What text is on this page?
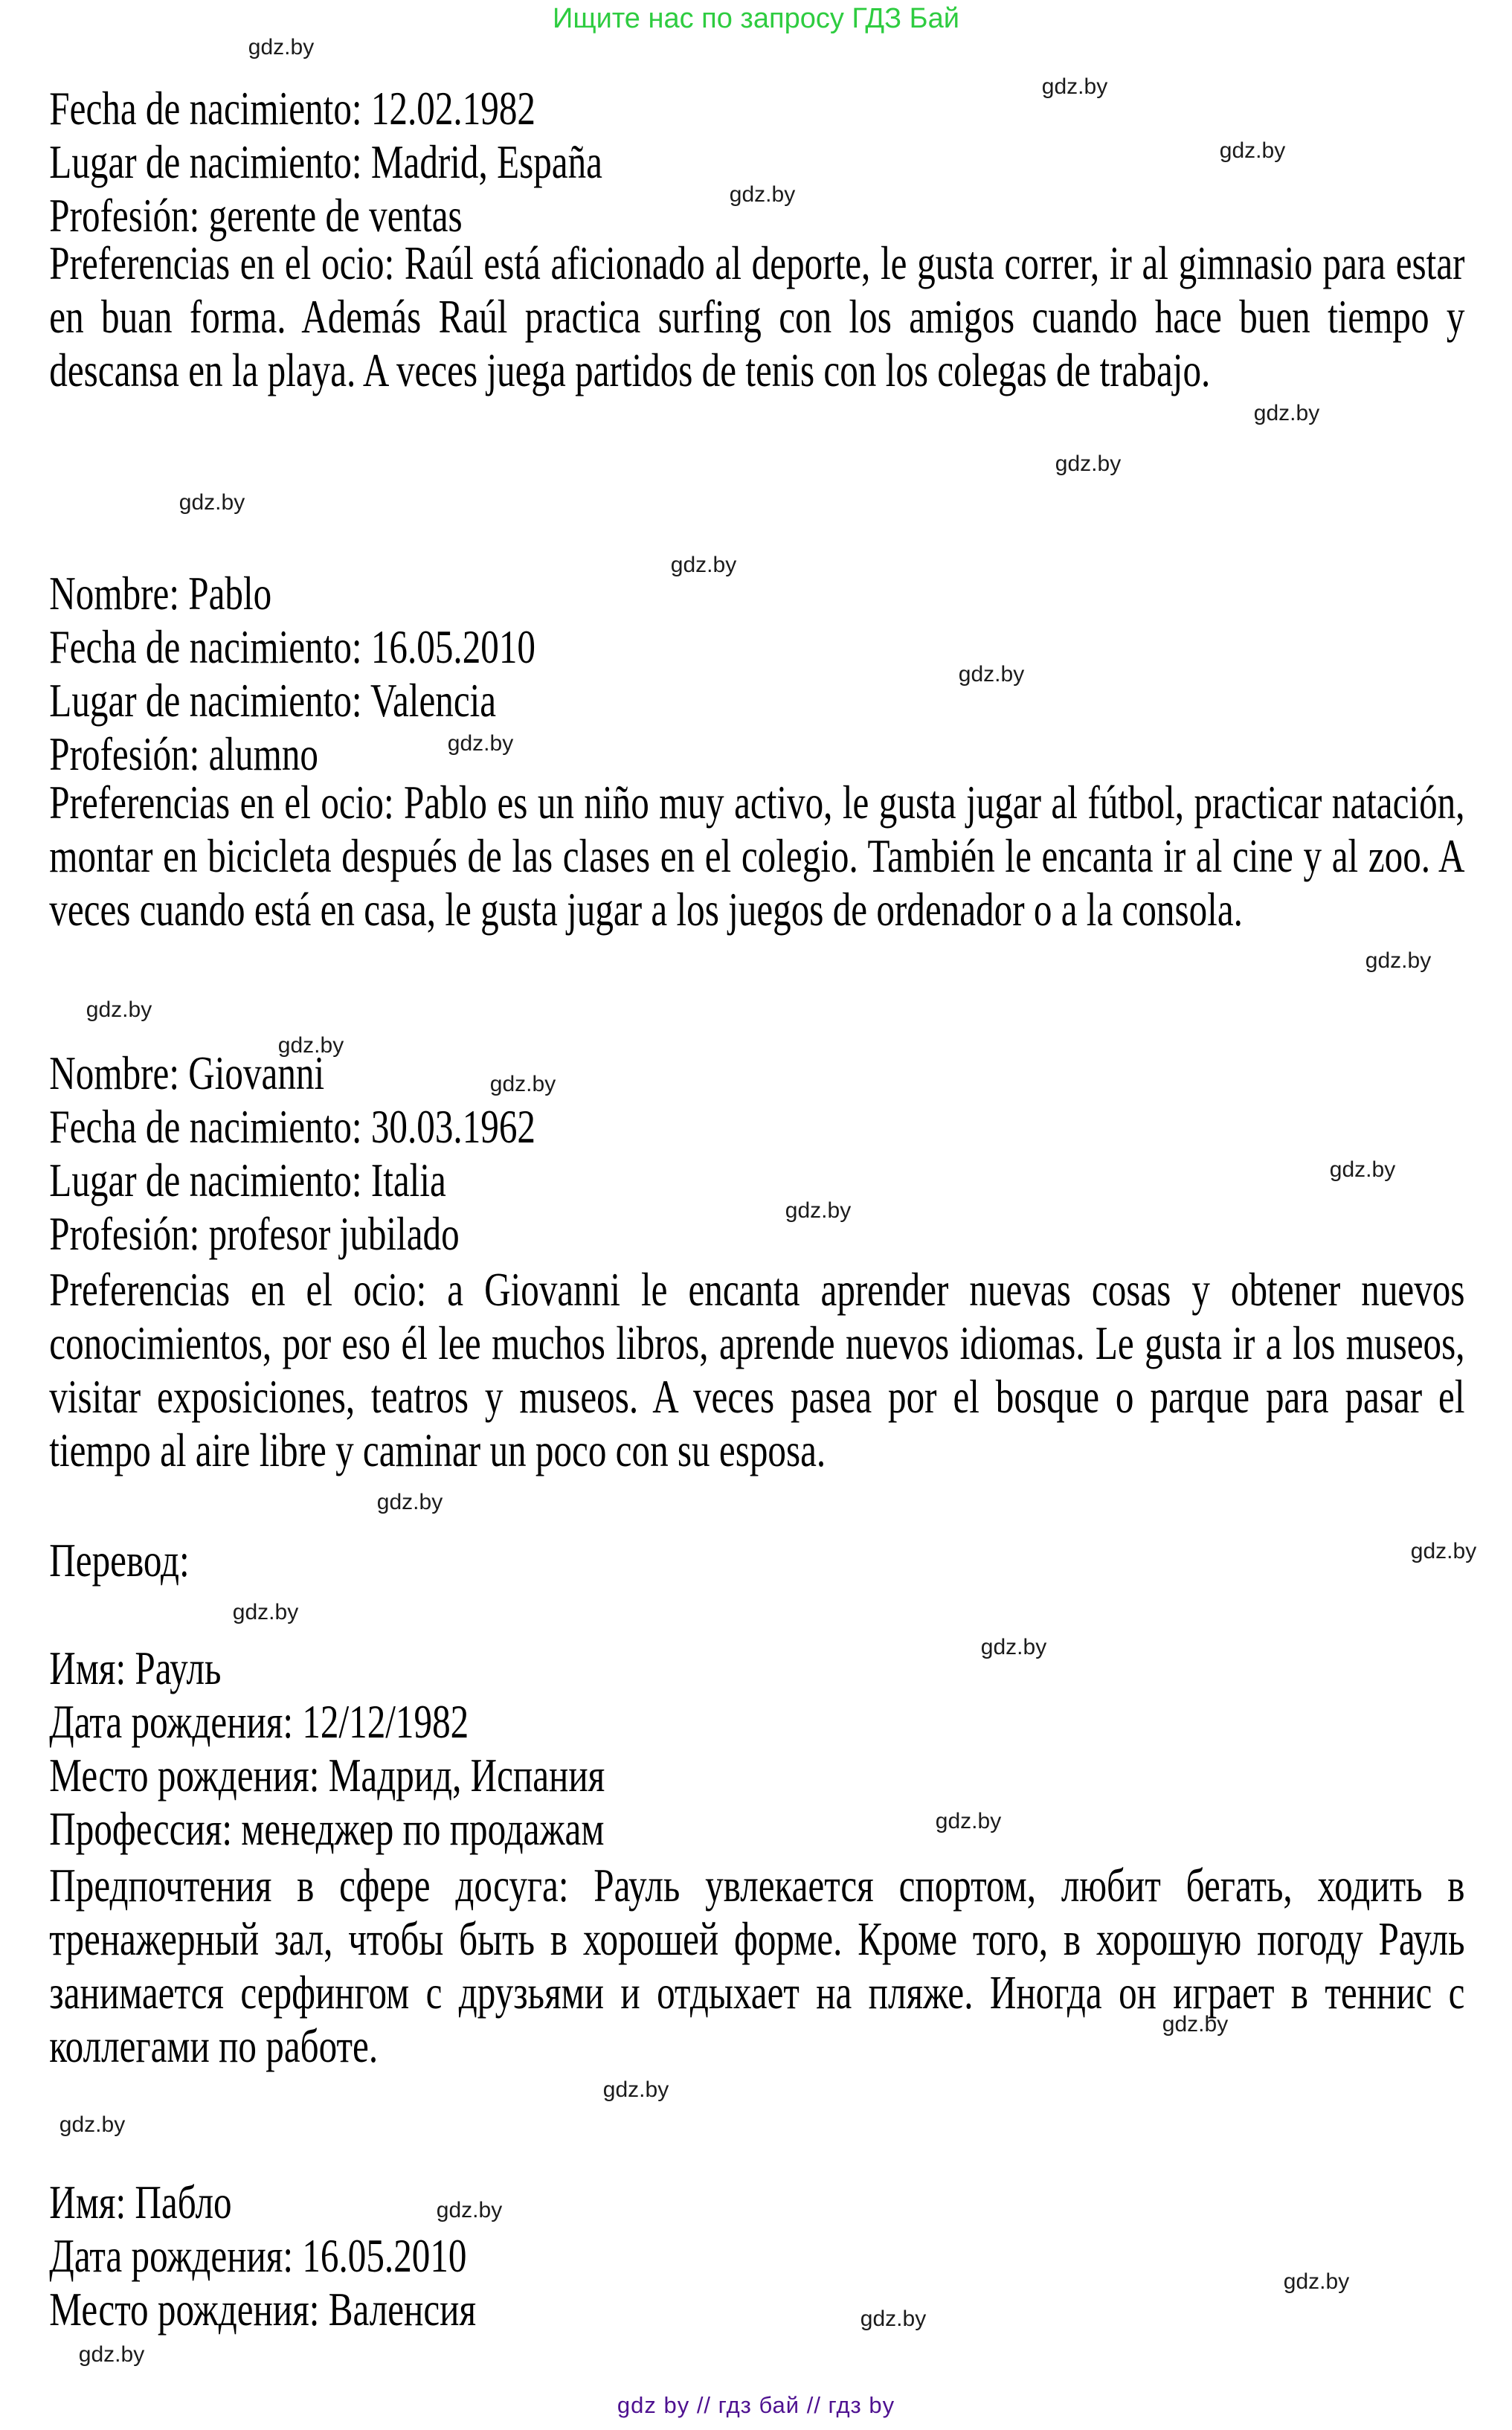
Ищите нас по запросу ГДЗ Бай
Fecha de nacimiento: 12.02.1982
Lugar de nacimiento: Madrid, España
Profesión: gerente de ventas

Preferencias en el ocio: Raúl está aficionado al deporte, le gusta correr, ir al gimnasio para estar en buan forma. Además Raúl practica surfing con los amigos cuando hace buen tiempo y descansa en la playa. A veces juega partidos de tenis con los colegas de trabajo.

Nombre: Pablo
Fecha de nacimiento: 16.05.2010
Lugar de nacimiento: Valencia
Profesión: alumno

Preferencias en el ocio: Pablo es un niño muy activo, le gusta jugar al fútbol, practicar natación, montar en bicicleta después de las clases en el colegio. También le encanta ir al cine y al zoo. A veces cuando está en casa, le gusta jugar a los juegos de ordenador o a la consola.

Nombre: Giovanni
Fecha de nacimiento: 30.03.1962
Lugar de nacimiento: Italia
Profesión: profesor jubilado

Preferencias en el ocio: a Giovanni le encanta aprender nuevas cosas y obtener nuevos conocimientos, por eso él lee muchos libros, aprende nuevos idiomas. Le gusta ir a los museos, visitar exposiciones, teatros y museos. A veces pasea por el bosque o parque para pasar el tiempo al aire libre y caminar un poco con su esposa.

Перевод:
Имя: Рауль
Дата рождения: 12/12/1982
Место рождения: Мадрид, Испания
Профессия: менеджер по продажам

Предпочтения в сфере досуга: Рауль увлекается спортом, любит бегать, ходить в тренажерный зал, чтобы быть в хорошей форме. Кроме того, в хорошую погоду Рауль занимается серфингом с друзьями и отдыхает на пляже. Иногда он играет в теннис с коллегами по работе.

Имя: Пабло
Дата рождения: 16.05.2010
Место рождения: Валенсия
gdz.by
gdz.by
gdz.by
gdz.by
gdz.by
gdz.by
gdz.by
gdz.by
gdz.by
gdz.by
gdz.by
gdz.by
gdz.by
gdz.by
gdz.by
gdz.by
gdz.by
gdz.by
gdz.by
gdz.by
gdz.by
gdz.by
gdz.by
gdz.by
gdz.by
gdz.by
gdz.by
gdz.by
gdz by // гдз бай // гдз by
